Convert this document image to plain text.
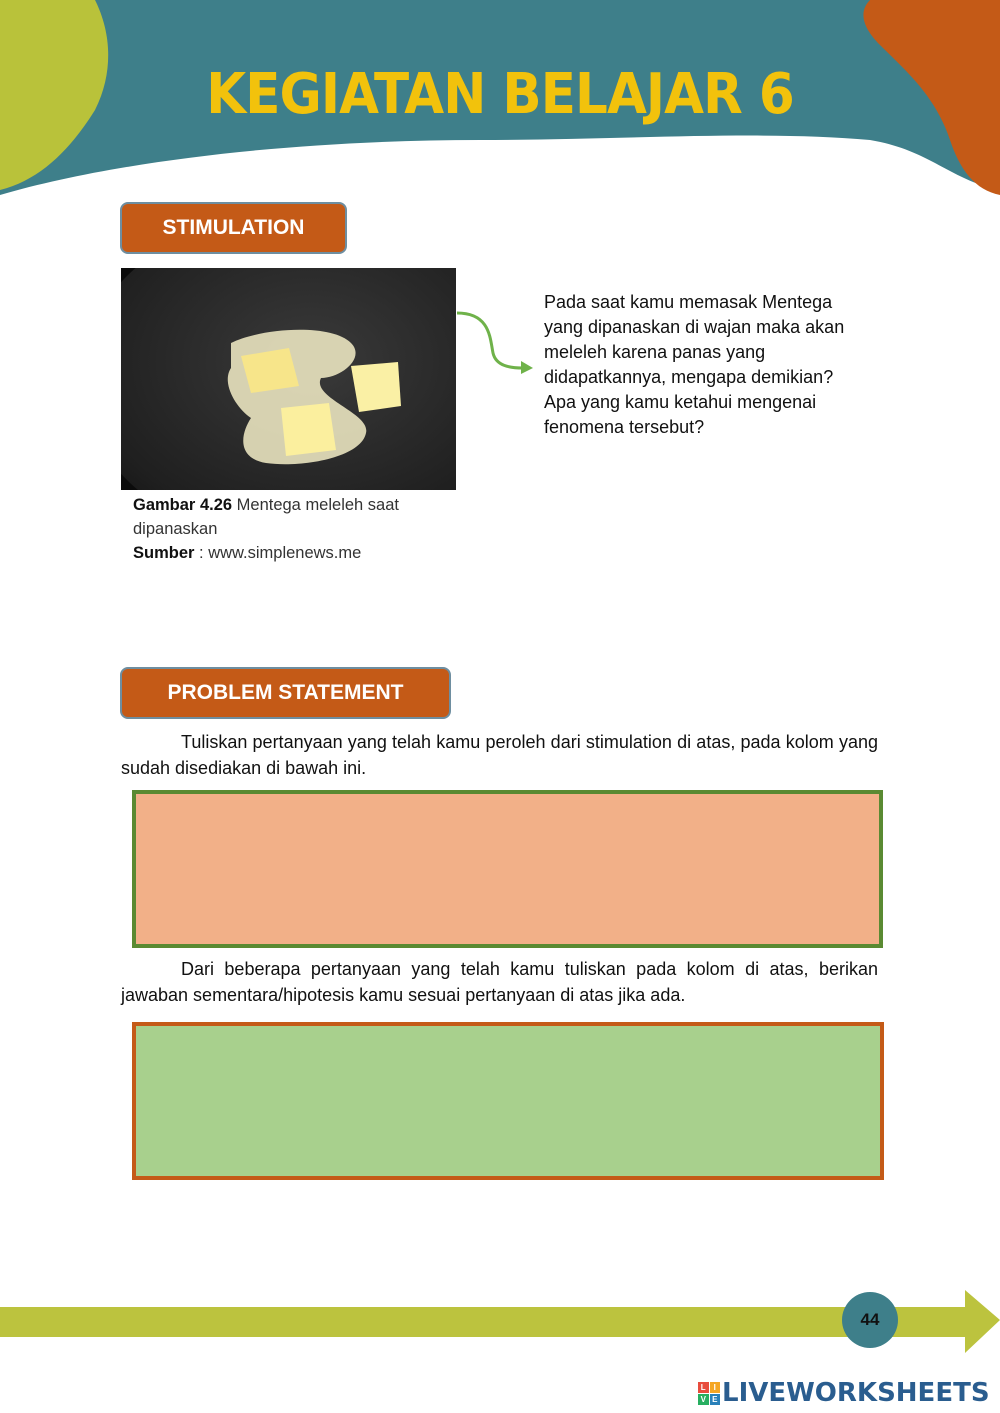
KEGIATAN BELAJAR 6
STIMULATION
Gambar 4.26 Mentega meleleh saat dipanaskan
Sumber : www.simplenews.me
Pada saat kamu memasak Mentega yang dipanaskan di wajan maka akan meleleh karena panas yang didapatkannya, mengapa demikian? Apa yang kamu ketahui mengenai fenomena tersebut?
PROBLEM STATEMENT
Tuliskan pertanyaan yang telah kamu peroleh dari stimulation di atas, pada kolom yang sudah disediakan di bawah ini.
Dari beberapa pertanyaan yang telah kamu tuliskan pada kolom di atas, berikan jawaban sementara/hipotesis kamu sesuai pertanyaan di atas jika ada.
44
L I
V E LIVEWORKSHEETS
